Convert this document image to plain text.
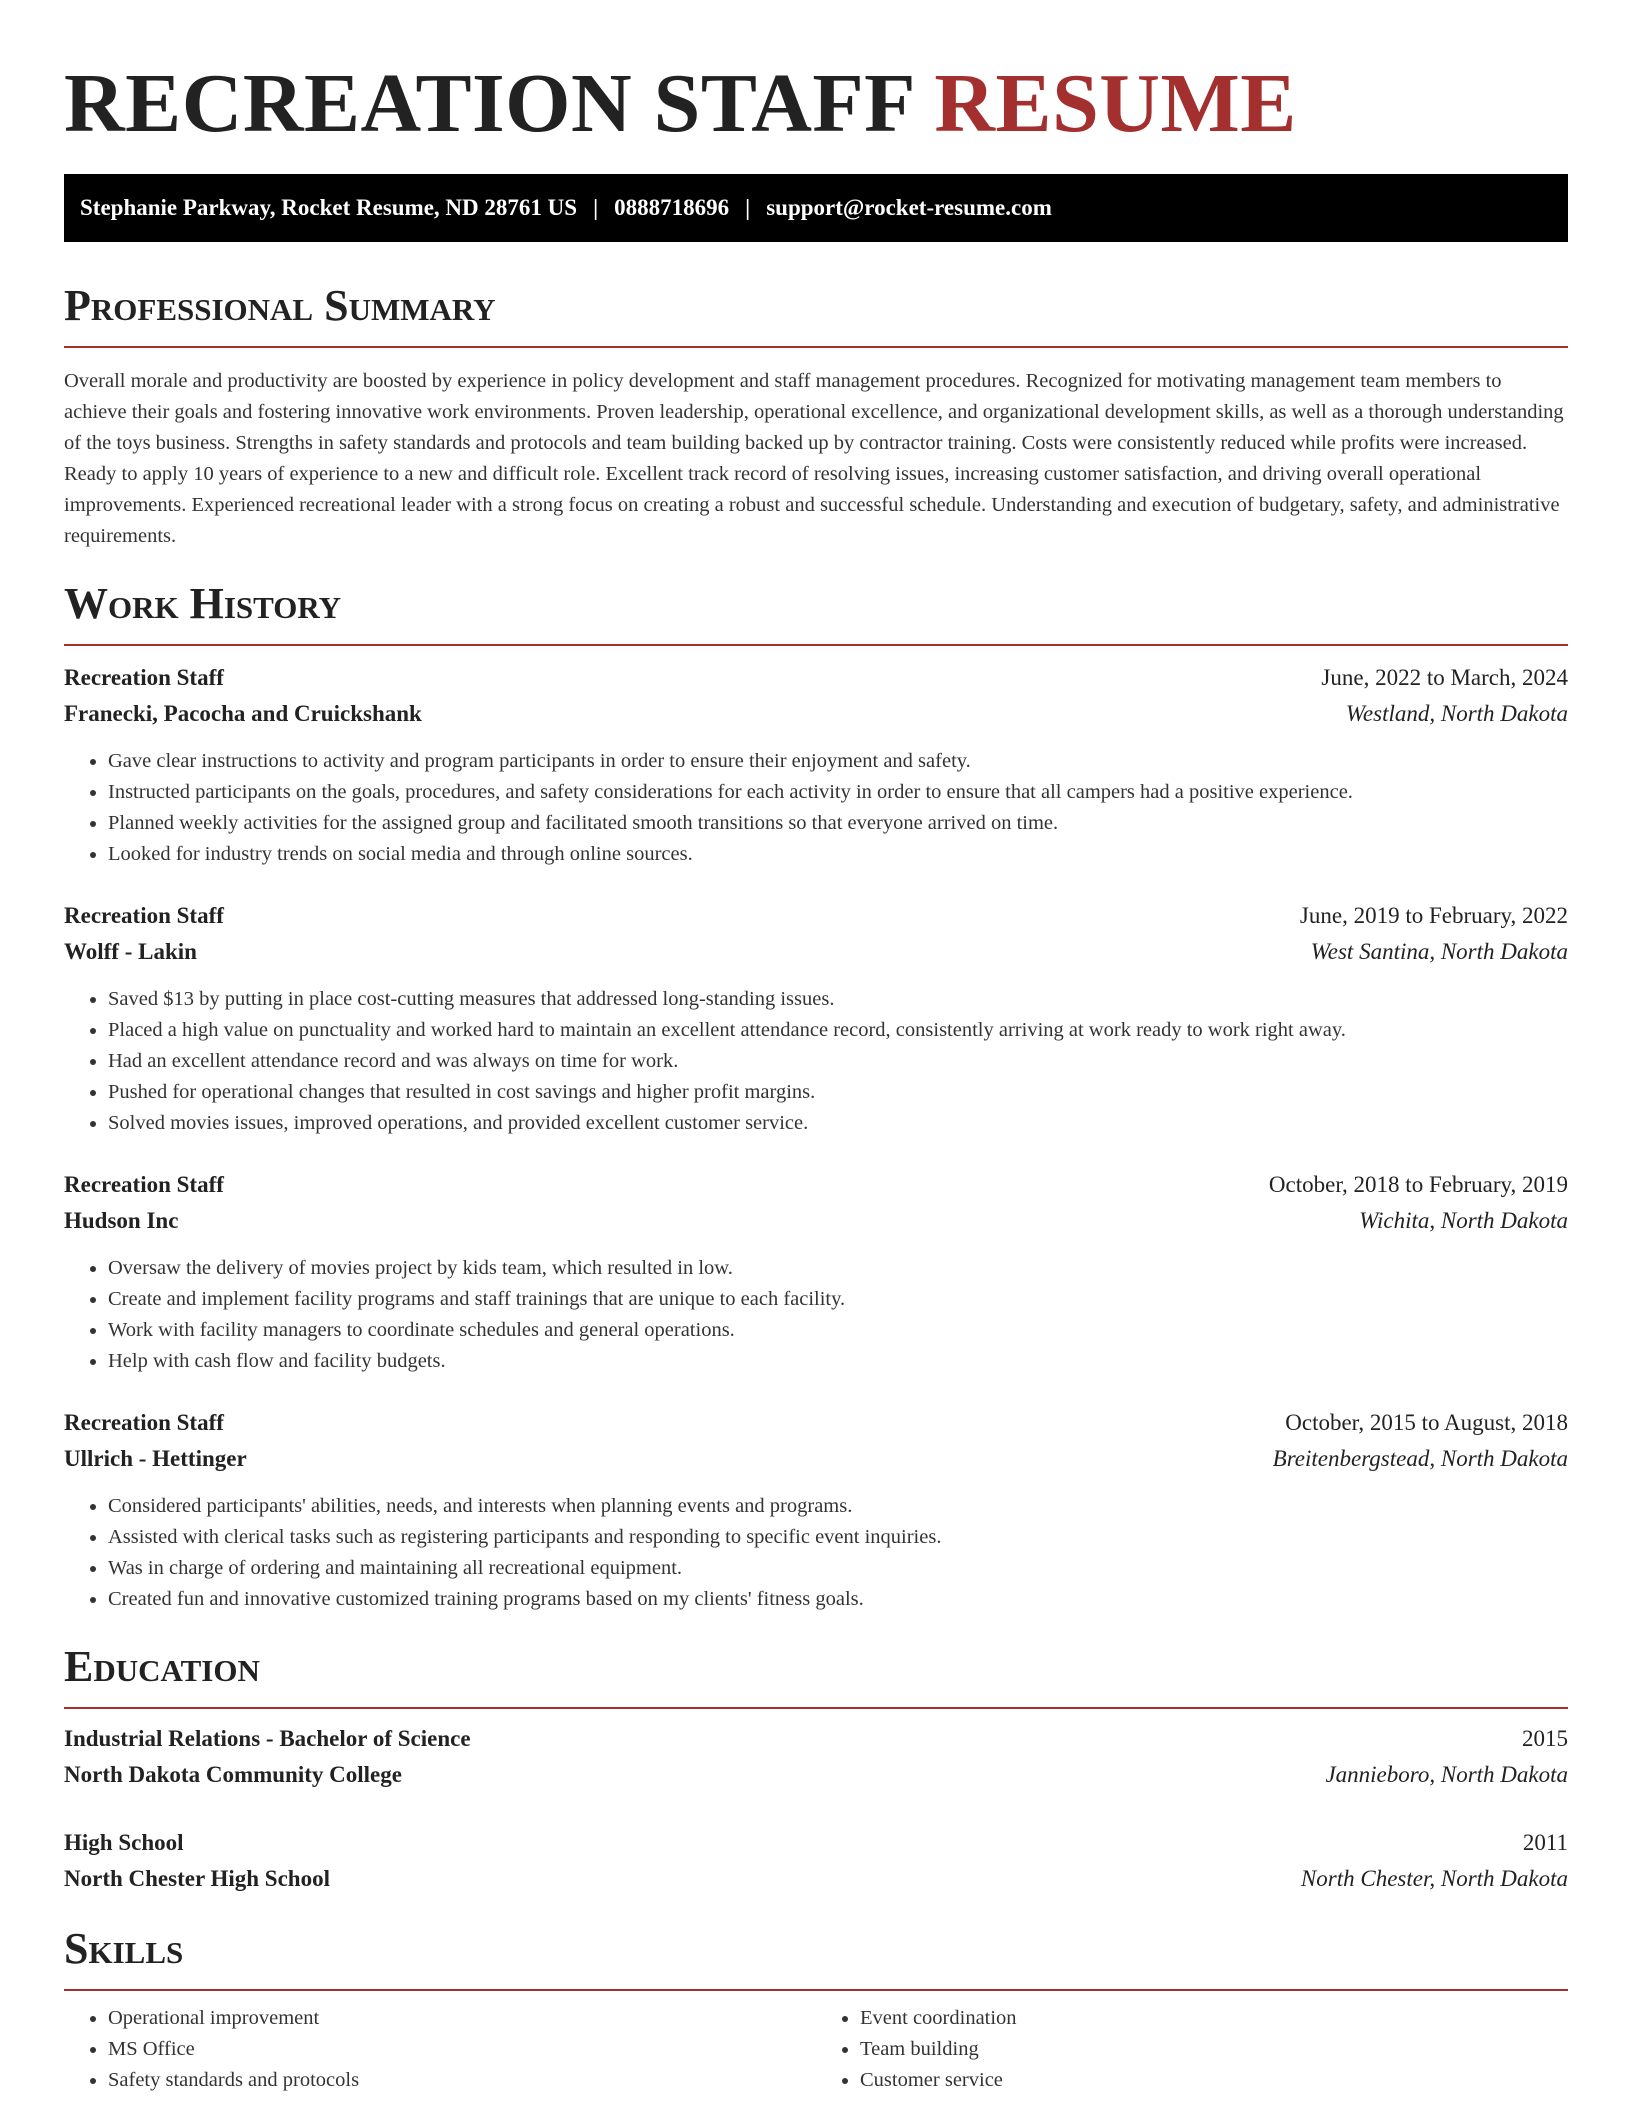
RECREATION STAFF RESUME
Stephanie Parkway, Rocket Resume, ND 28761 US | 0888718696 | support@rocket-resume.com
Professional Summary

Overall morale and productivity are boosted by experience in policy development and staff management procedures. Recognized for motivating management team members to achieve their goals and fostering innovative work environments. Proven leadership, operational excellence, and organizational development skills, as well as a thorough understanding of the toys business. Strengths in safety standards and protocols and team building backed up by contractor training. Costs were consistently reduced while profits were increased. Ready to apply 10 years of experience to a new and difficult role. Excellent track record of resolving issues, increasing customer satisfaction, and driving overall operational improvements. Experienced recreational leader with a strong focus on creating a robust and successful schedule. Understanding and execution of budgetary, safety, and administrative requirements.

Work History
Recreation Staff	June, 2022 to March, 2024
Franecki, Pacocha and Cruickshank	Westland, North Dakota
• Gave clear instructions to activity and program participants in order to ensure their enjoyment and safety.
• Instructed participants on the goals, procedures, and safety considerations for each activity in order to ensure that all campers had a positive experience.
• Planned weekly activities for the assigned group and facilitated smooth transitions so that everyone arrived on time.
• Looked for industry trends on social media and through online sources.
Recreation Staff	June, 2019 to February, 2022
Wolff - Lakin	West Santina, North Dakota
• Saved $13 by putting in place cost-cutting measures that addressed long-standing issues.
• Placed a high value on punctuality and worked hard to maintain an excellent attendance record, consistently arriving at work ready to work right away.
• Had an excellent attendance record and was always on time for work.
• Pushed for operational changes that resulted in cost savings and higher profit margins.
• Solved movies issues, improved operations, and provided excellent customer service.
Recreation Staff	October, 2018 to February, 2019
Hudson Inc	Wichita, North Dakota
• Oversaw the delivery of movies project by kids team, which resulted in low.
• Create and implement facility programs and staff trainings that are unique to each facility.
• Work with facility managers to coordinate schedules and general operations.
• Help with cash flow and facility budgets.
Recreation Staff	October, 2015 to August, 2018
Ullrich - Hettinger	Breitenbergstead, North Dakota
• Considered participants' abilities, needs, and interests when planning events and programs.
• Assisted with clerical tasks such as registering participants and responding to specific event inquiries.
• Was in charge of ordering and maintaining all recreational equipment.
• Created fun and innovative customized training programs based on my clients' fitness goals.
Education
Industrial Relations - Bachelor of Science	2015
North Dakota Community College	Jannieboro, North Dakota
High School	2011
North Chester High School	North Chester, North Dakota
Skills
• Operational improvement
• MS Office
• Safety standards and protocols
• Event coordination
• Team building
• Customer service
